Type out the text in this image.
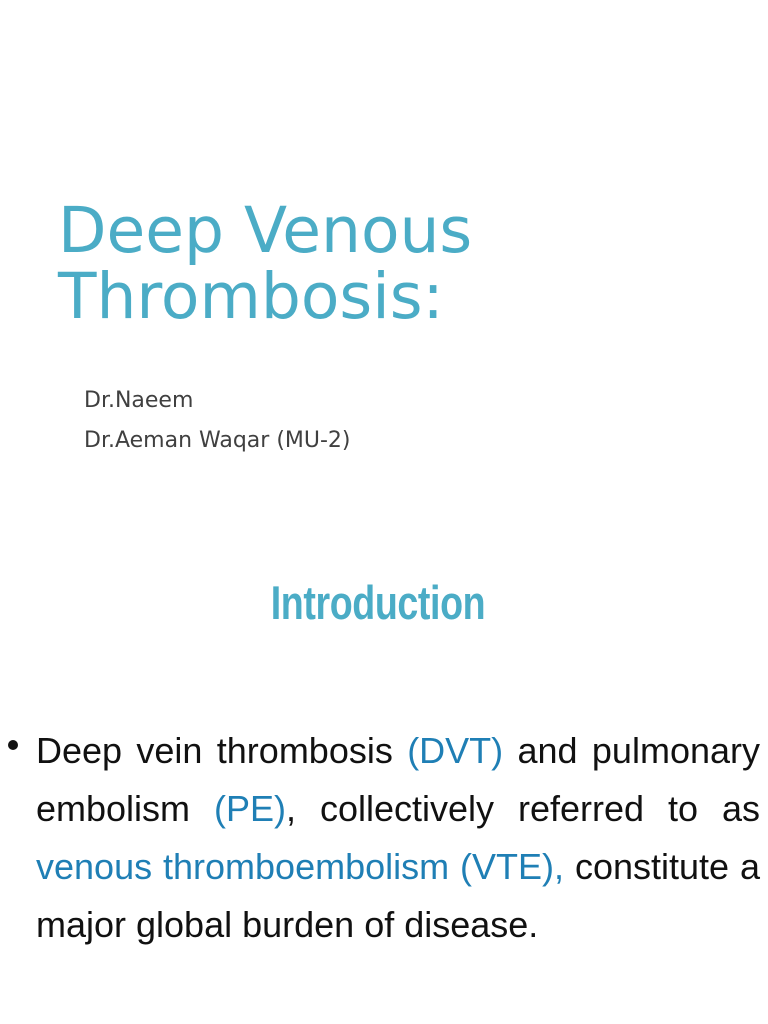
Deep Venous
Thrombosis:
Dr.Naeem
Dr.Aeman Waqar (MU-2)
Introduction
Deep vein thrombosis (DVT) and pulmonary embolism (PE), collectively referred to as venous thromboembolism (VTE), constitute a major global burden of disease.
